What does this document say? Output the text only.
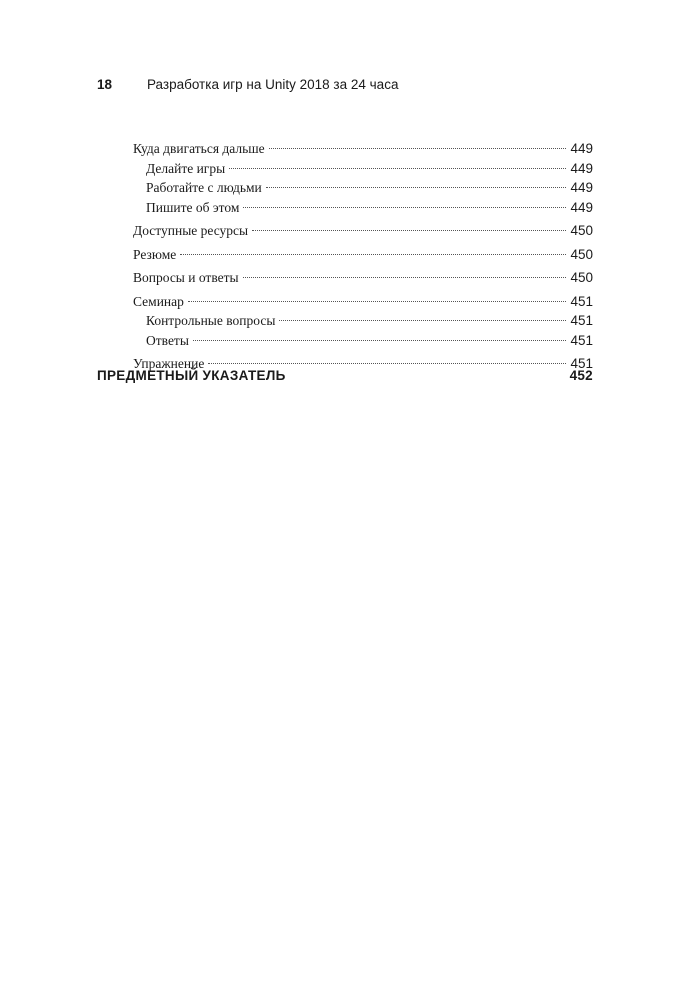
18	Разработка игр на Unity 2018 за 24 часа
Куда двигаться дальше	449
Делайте игры	449
Работайте с людьми	449
Пишите об этом	449
Доступные ресурсы	450
Резюме	450
Вопросы и ответы	450
Семинар	451
Контрольные вопросы	451
Ответы	451
Упражнение	451
ПРЕДМЕТНЫЙ УКАЗАТЕЛЬ	452
